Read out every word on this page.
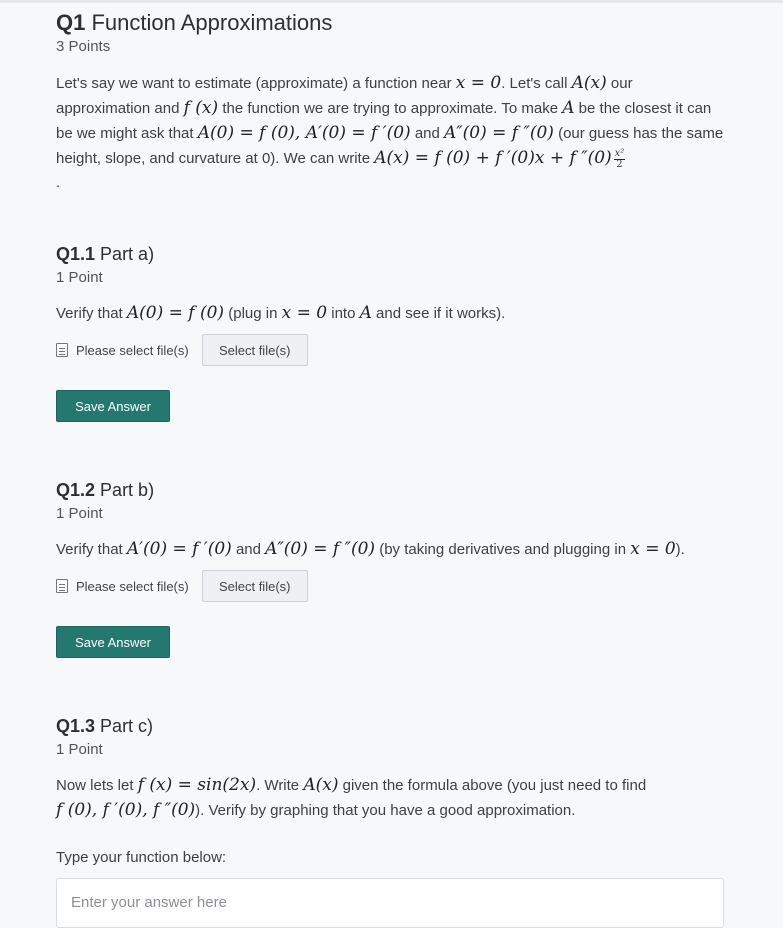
Q1 Function Approximations
3 Points
Let's say we want to estimate (approximate) a function near x = 0. Let's call A(x) our approximation and f (x) the function we are trying to approximate. To make A be the closest it can be we might ask that A(0) = f (0), A′(0) = f ′(0) and A″(0) = f ″(0) (our guess has the same height, slope, and curvature at 0). We can write A(x) = f (0) + f ′(0)x + f $''(0) \frac{\text{x²}}{2}$

.
Q1.1 Part a)
1 Point
Verify that A(0) = f (0) (plug in x = 0 into A and see if it works).
Please select file(s)	Select file(s)
Save Answer
Q1.2 Part b)
1 Point
Verify that A′(0) = f ′(0) and A″(0) = f ″(0) (by taking derivatives and plugging in x = 0).
Please select file(s)	Select file(s)
Save Answer
Q1.3 Part c)
1 Point
Now lets let f (x) = sin(2x). Write A(x) given the formula above (you just need to find
f (0), f ′(0), f ″(0)). Verify by graphing that you have a good approximation.
Type your function below:
Enter your answer here
